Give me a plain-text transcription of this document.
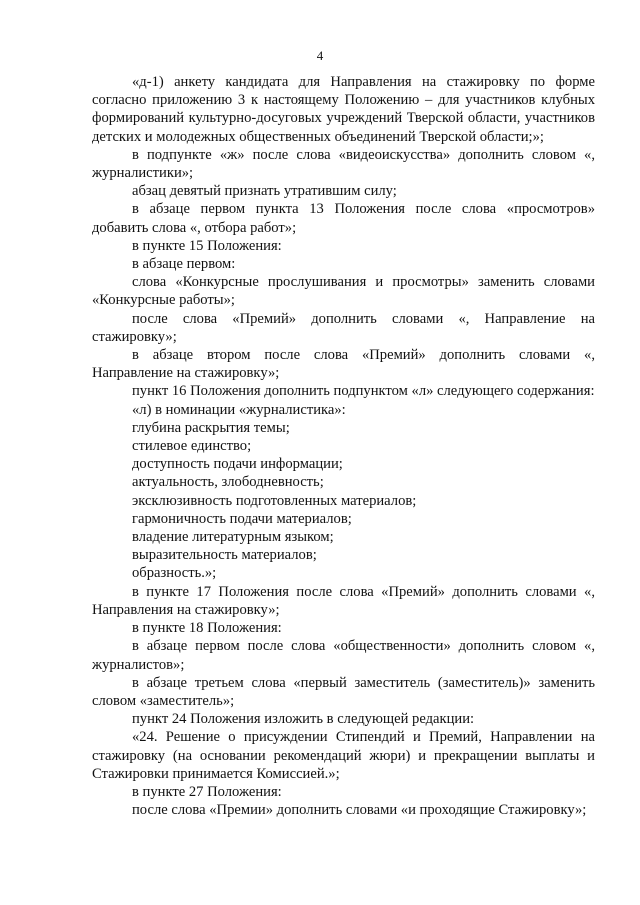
4

«д-1) анкету кандидата для Направления на стажировку по форме согласно приложению 3 к настоящему Положению – для участников клубных формирований культурно-досуговых учреждений Тверской области, участников детских и молодежных общественных объединений Тверской области;»;

в подпункте «ж» после слова «видеоискусства» дополнить словом «, журналистики»;

абзац девятый признать утратившим силу;

в абзаце первом пункта 13 Положения после слова «просмотров» добавить слова «, отбора работ»;

в пункте 15 Положения:

в абзаце первом:

слова «Конкурсные прослушивания и просмотры» заменить словами «Конкурсные работы»;

после слова «Премий» дополнить словами «, Направление на стажировку»;

в абзаце втором после слова «Премий» дополнить словами «, Направление на стажировку»;

пункт 16 Положения дополнить подпунктом «л» следующего содержания:

«л) в номинации «журналистика»:

глубина раскрытия темы;

стилевое единство;

доступность подачи информации;

актуальность, злободневность;

эксклюзивность подготовленных материалов;

гармоничность подачи материалов;

владение литературным языком;

выразительность материалов;

образность.»;

в пункте 17 Положения после слова «Премий» дополнить словами «, Направления на стажировку»;

в пункте 18 Положения:

в абзаце первом после слова «общественности» дополнить словом «, журналистов»;

в абзаце третьем слова «первый заместитель (заместитель)» заменить словом «заместитель»;

пункт 24 Положения изложить в следующей редакции:

«24. Решение о присуждении Стипендий и Премий, Направлении на стажировку (на основании рекомендаций жюри) и прекращении выплаты и Стажировки принимается Комиссией.»;

в пункте 27 Положения:

после слова «Премии» дополнить словами «и проходящие Стажировку»;
